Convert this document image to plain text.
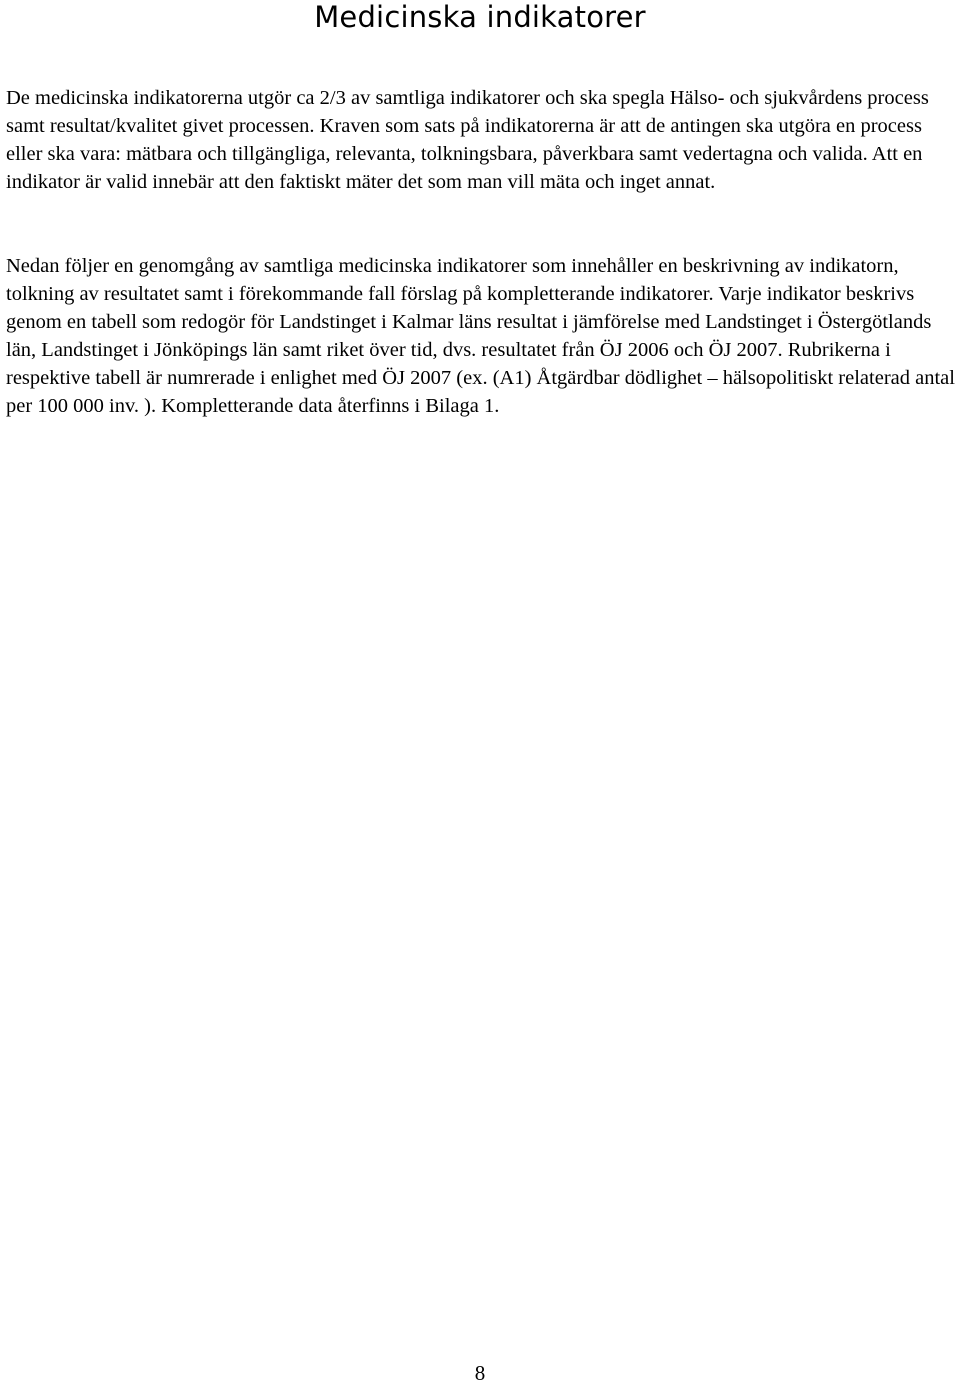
Medicinska indikatorer

De medicinska indikatorerna utgör ca 2/3 av samtliga indikatorer och ska spegla Hälso- och sjukvårdens process samt resultat/kvalitet givet processen. Kraven som sats på indikatorerna är att de antingen ska utgöra en process eller ska vara: mätbara och tillgängliga, relevanta, tolkningsbara, påverkbara samt vedertagna och valida. Att en indikator är valid innebär att den faktiskt mäter det som man vill mäta och inget annat.

Nedan följer en genomgång av samtliga medicinska indikatorer som innehåller en beskrivning av indikatorn, tolkning av resultatet samt i förekommande fall förslag på kompletterande indikatorer. Varje indikator beskrivs genom en tabell som redogör för Landstinget i Kalmar läns resultat i jämförelse med Landstinget i Östergötlands län, Landstinget i Jönköpings län samt riket över tid, dvs. resultatet från ÖJ 2006 och ÖJ 2007. Rubrikerna i respektive tabell är numrerade i enlighet med ÖJ 2007 (ex. (A1) Åtgärdbar dödlighet – hälsopolitiskt relaterad antal per 100 000 inv. ). Kompletterande data återfinns i Bilaga 1.

8
